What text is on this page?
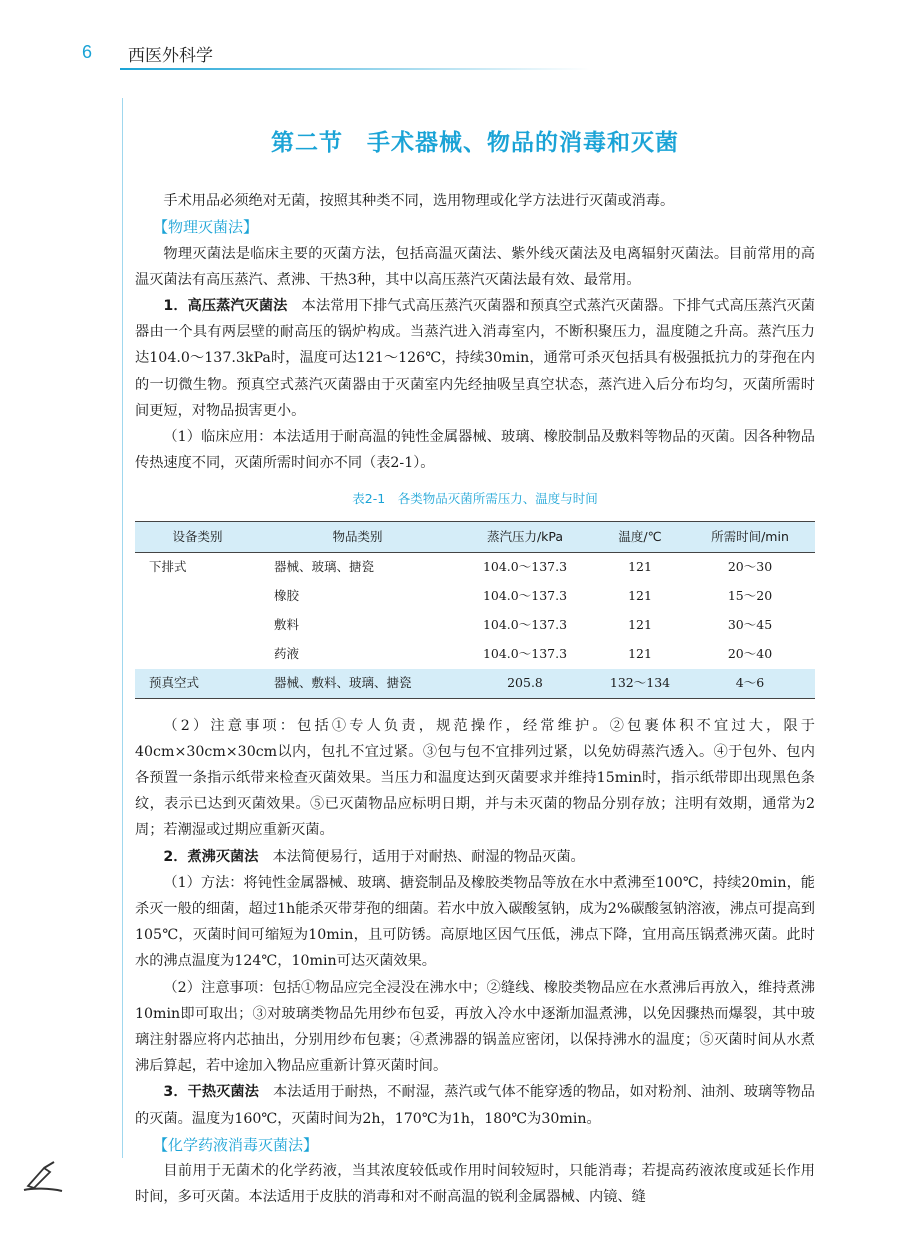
6 西医外科学
第二节　手术器械、物品的消毒和灭菌

手术用品必须绝对无菌，按照其种类不同，选用物理或化学方法进行灭菌或消毒。

【物理灭菌法】

物理灭菌法是临床主要的灭菌方法，包括高温灭菌法、紫外线灭菌法及电离辐射灭菌法。目前常用的高温灭菌法有高压蒸汽、煮沸、干热3种，其中以高压蒸汽灭菌法最有效、最常用。

1．高压蒸汽灭菌法　本法常用下排气式高压蒸汽灭菌器和预真空式蒸汽灭菌器。下排气式高压蒸汽灭菌器由一个具有两层壁的耐高压的锅炉构成。当蒸汽进入消毒室内，不断积聚压力，温度随之升高。蒸汽压力达104.0～137.3kPa时，温度可达121～126℃，持续30min，通常可杀灭包括具有极强抵抗力的芽孢在内的一切微生物。预真空式蒸汽灭菌器由于灭菌室内先经抽吸呈真空状态，蒸汽进入后分布均匀，灭菌所需时间更短，对物品损害更小。

（1）临床应用：本法适用于耐高温的钝性金属器械、玻璃、橡胶制品及敷料等物品的灭菌。因各种物品传热速度不同，灭菌所需时间亦不同（表2-1）。

表2-1　各类物品灭菌所需压力、温度与时间
设备类别	物品类别	蒸汽压力/kPa	温度/℃	所需时间/min
下排式	器械、玻璃、搪瓷	104.0～137.3	121	20～30
	橡胶	104.0～137.3	121	15～20
	敷料	104.0～137.3	121	30～45
	药液	104.0～137.3	121	20～40
预真空式	器械、敷料、玻璃、搪瓷	205.8	132～134	4～6

（2）注意事项：包括①专人负责，规范操作，经常维护。②包裹体积不宜过大，限于40cm×30cm×30cm以内，包扎不宜过紧。③包与包不宜排列过紧，以免妨碍蒸汽透入。④于包外、包内各预置一条指示纸带来检查灭菌效果。当压力和温度达到灭菌要求并维持15min时，指示纸带即出现黑色条纹，表示已达到灭菌效果。⑤已灭菌物品应标明日期，并与未灭菌的物品分别存放；注明有效期，通常为2周；若潮湿或过期应重新灭菌。

2．煮沸灭菌法　本法简便易行，适用于对耐热、耐湿的物品灭菌。

（1）方法：将钝性金属器械、玻璃、搪瓷制品及橡胶类物品等放在水中煮沸至100℃，持续20min，能杀灭一般的细菌，超过1h能杀灭带芽孢的细菌。若水中放入碳酸氢钠，成为2%碳酸氢钠溶液，沸点可提高到105℃，灭菌时间可缩短为10min，且可防锈。高原地区因气压低，沸点下降，宜用高压锅煮沸灭菌。此时水的沸点温度为124℃，10min可达灭菌效果。

（2）注意事项：包括①物品应完全浸没在沸水中；②缝线、橡胶类物品应在水煮沸后再放入，维持煮沸10min即可取出；③对玻璃类物品先用纱布包妥，再放入冷水中逐渐加温煮沸，以免因骤热而爆裂，其中玻璃注射器应将内芯抽出，分别用纱布包裹；④煮沸器的锅盖应密闭，以保持沸水的温度；⑤灭菌时间从水煮沸后算起，若中途加入物品应重新计算灭菌时间。

3．干热灭菌法　本法适用于耐热，不耐湿，蒸汽或气体不能穿透的物品，如对粉剂、油剂、玻璃等物品的灭菌。温度为160℃，灭菌时间为2h，170℃为1h，180℃为30min。

【化学药液消毒灭菌法】

目前用于无菌术的化学药液，当其浓度较低或作用时间较短时，只能消毒；若提高药液浓度或延长作用时间，多可灭菌。本法适用于皮肤的消毒和对不耐高温的锐利金属器械、内镜、缝
